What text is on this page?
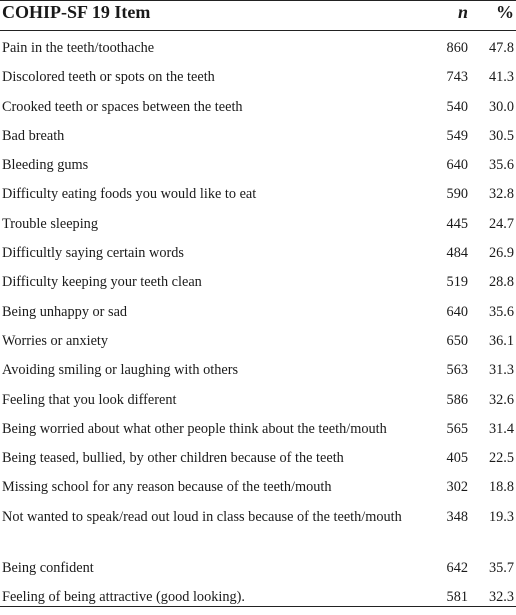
COHIP-SF 19 Item	n %
Pain in the teeth/toothache	860 47.8
Discolored teeth or spots on the teeth	743 41.3
Crooked teeth or spaces between the teeth	540 30.0
Bad breath	549 30.5
Bleeding gums	640 35.6
Difficulty eating foods you would like to eat	590 32.8
Trouble sleeping	445 24.7
Difficultly saying certain words	484 26.9
Difficulty keeping your teeth clean	519 28.8
Being unhappy or sad	640 35.6
Worries or anxiety	650 36.1
Avoiding smiling or laughing with others	563 31.3
Feeling that you look different	586 32.6
Being worried about what other people think about the teeth/mouth	565 31.4
Being teased, bullied, by other children because of the teeth	405 22.5
Missing school for any reason because of the teeth/mouth	302 18.8
Not wanted to speak/read out loud in class because of the teeth/mouth	348 19.3
Being confident	642 35.7
Feeling of being attractive (good looking).	581 32.3
